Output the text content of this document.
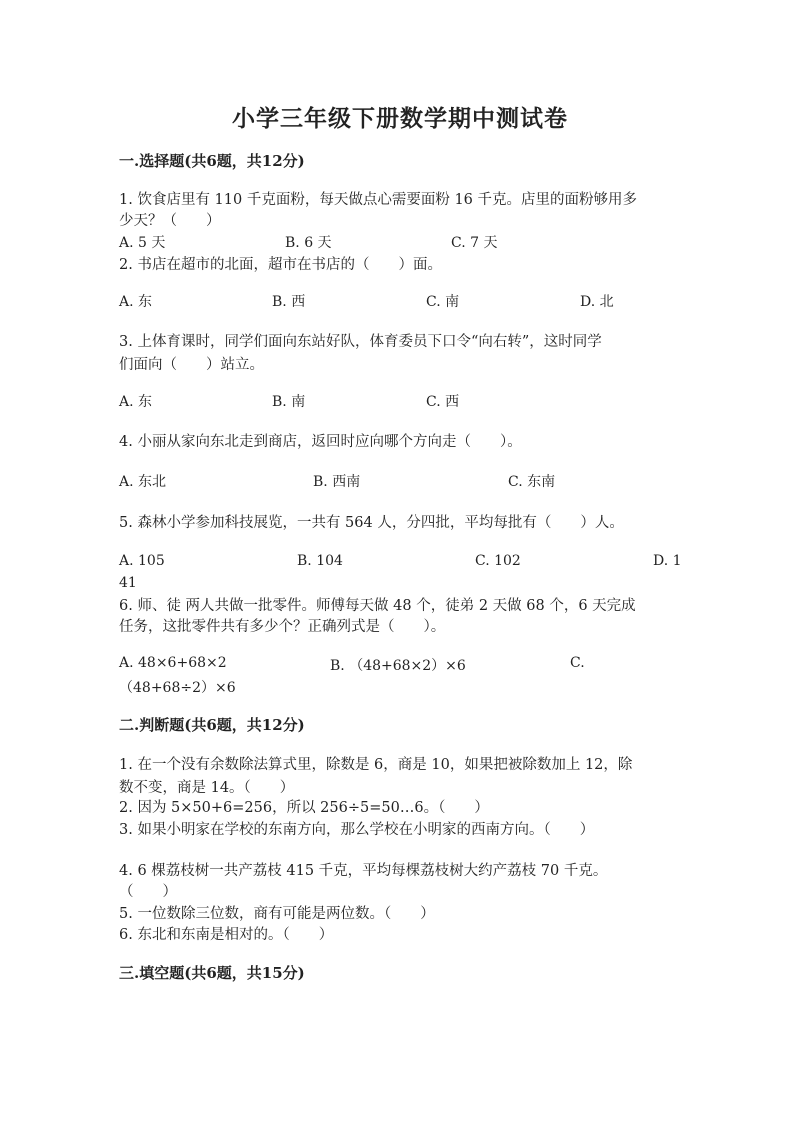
小学三年级下册数学期中测试卷
一.选择题(共6题，共12分)
1. 饮食店里有 110 千克面粉，每天做点心需要面粉 16 千克。店里的面粉够用多
少天？（　　）
A. 5 天	B. 6 天	C. 7 天
2. 书店在超市的北面，超市在书店的（　　）面。
A. 东	B. 西	C. 南	D. 北
3. 上体育课时，同学们面向东站好队，体育委员下口令“向右转”，这时同学
们面向（　　）站立。
A. 东	B. 南	C. 西
4. 小丽从家向东北走到商店，返回时应向哪个方向走（　　）。
A. 东北	B. 西南	C. 东南
5. 森林小学参加科技展览，一共有 564 人，分四批，平均每批有（　　）人。
A. 105	B. 104	C. 102	D. 1
41
6. 师、徒 两人共做一批零件。师傅每天做 48 个，徒弟 2 天做 68 个，6 天完成
任务，这批零件共有多少个？正确列式是（　　）。
A. 48×6+68×2	B. （48+68×2）×6	C.
（48+68÷2）×6
二.判断题(共6题，共12分)
1. 在一个没有余数除法算式里，除数是 6，商是 10，如果把被除数加上 12，除
数不变，商是 14。（　　）
2. 因为 5×50+6=256，所以 256÷5=50…6。（　　）
3. 如果小明家在学校的东南方向，那么学校在小明家的西南方向。（　　）
4. 6 棵荔枝树一共产荔枝 415 千克，平均每棵荔枝树大约产荔枝 70 千克。
（　　）
5. 一位数除三位数，商有可能是两位数。（　　）
6. 东北和东南是相对的。（　　）
三.填空题(共6题，共15分)
